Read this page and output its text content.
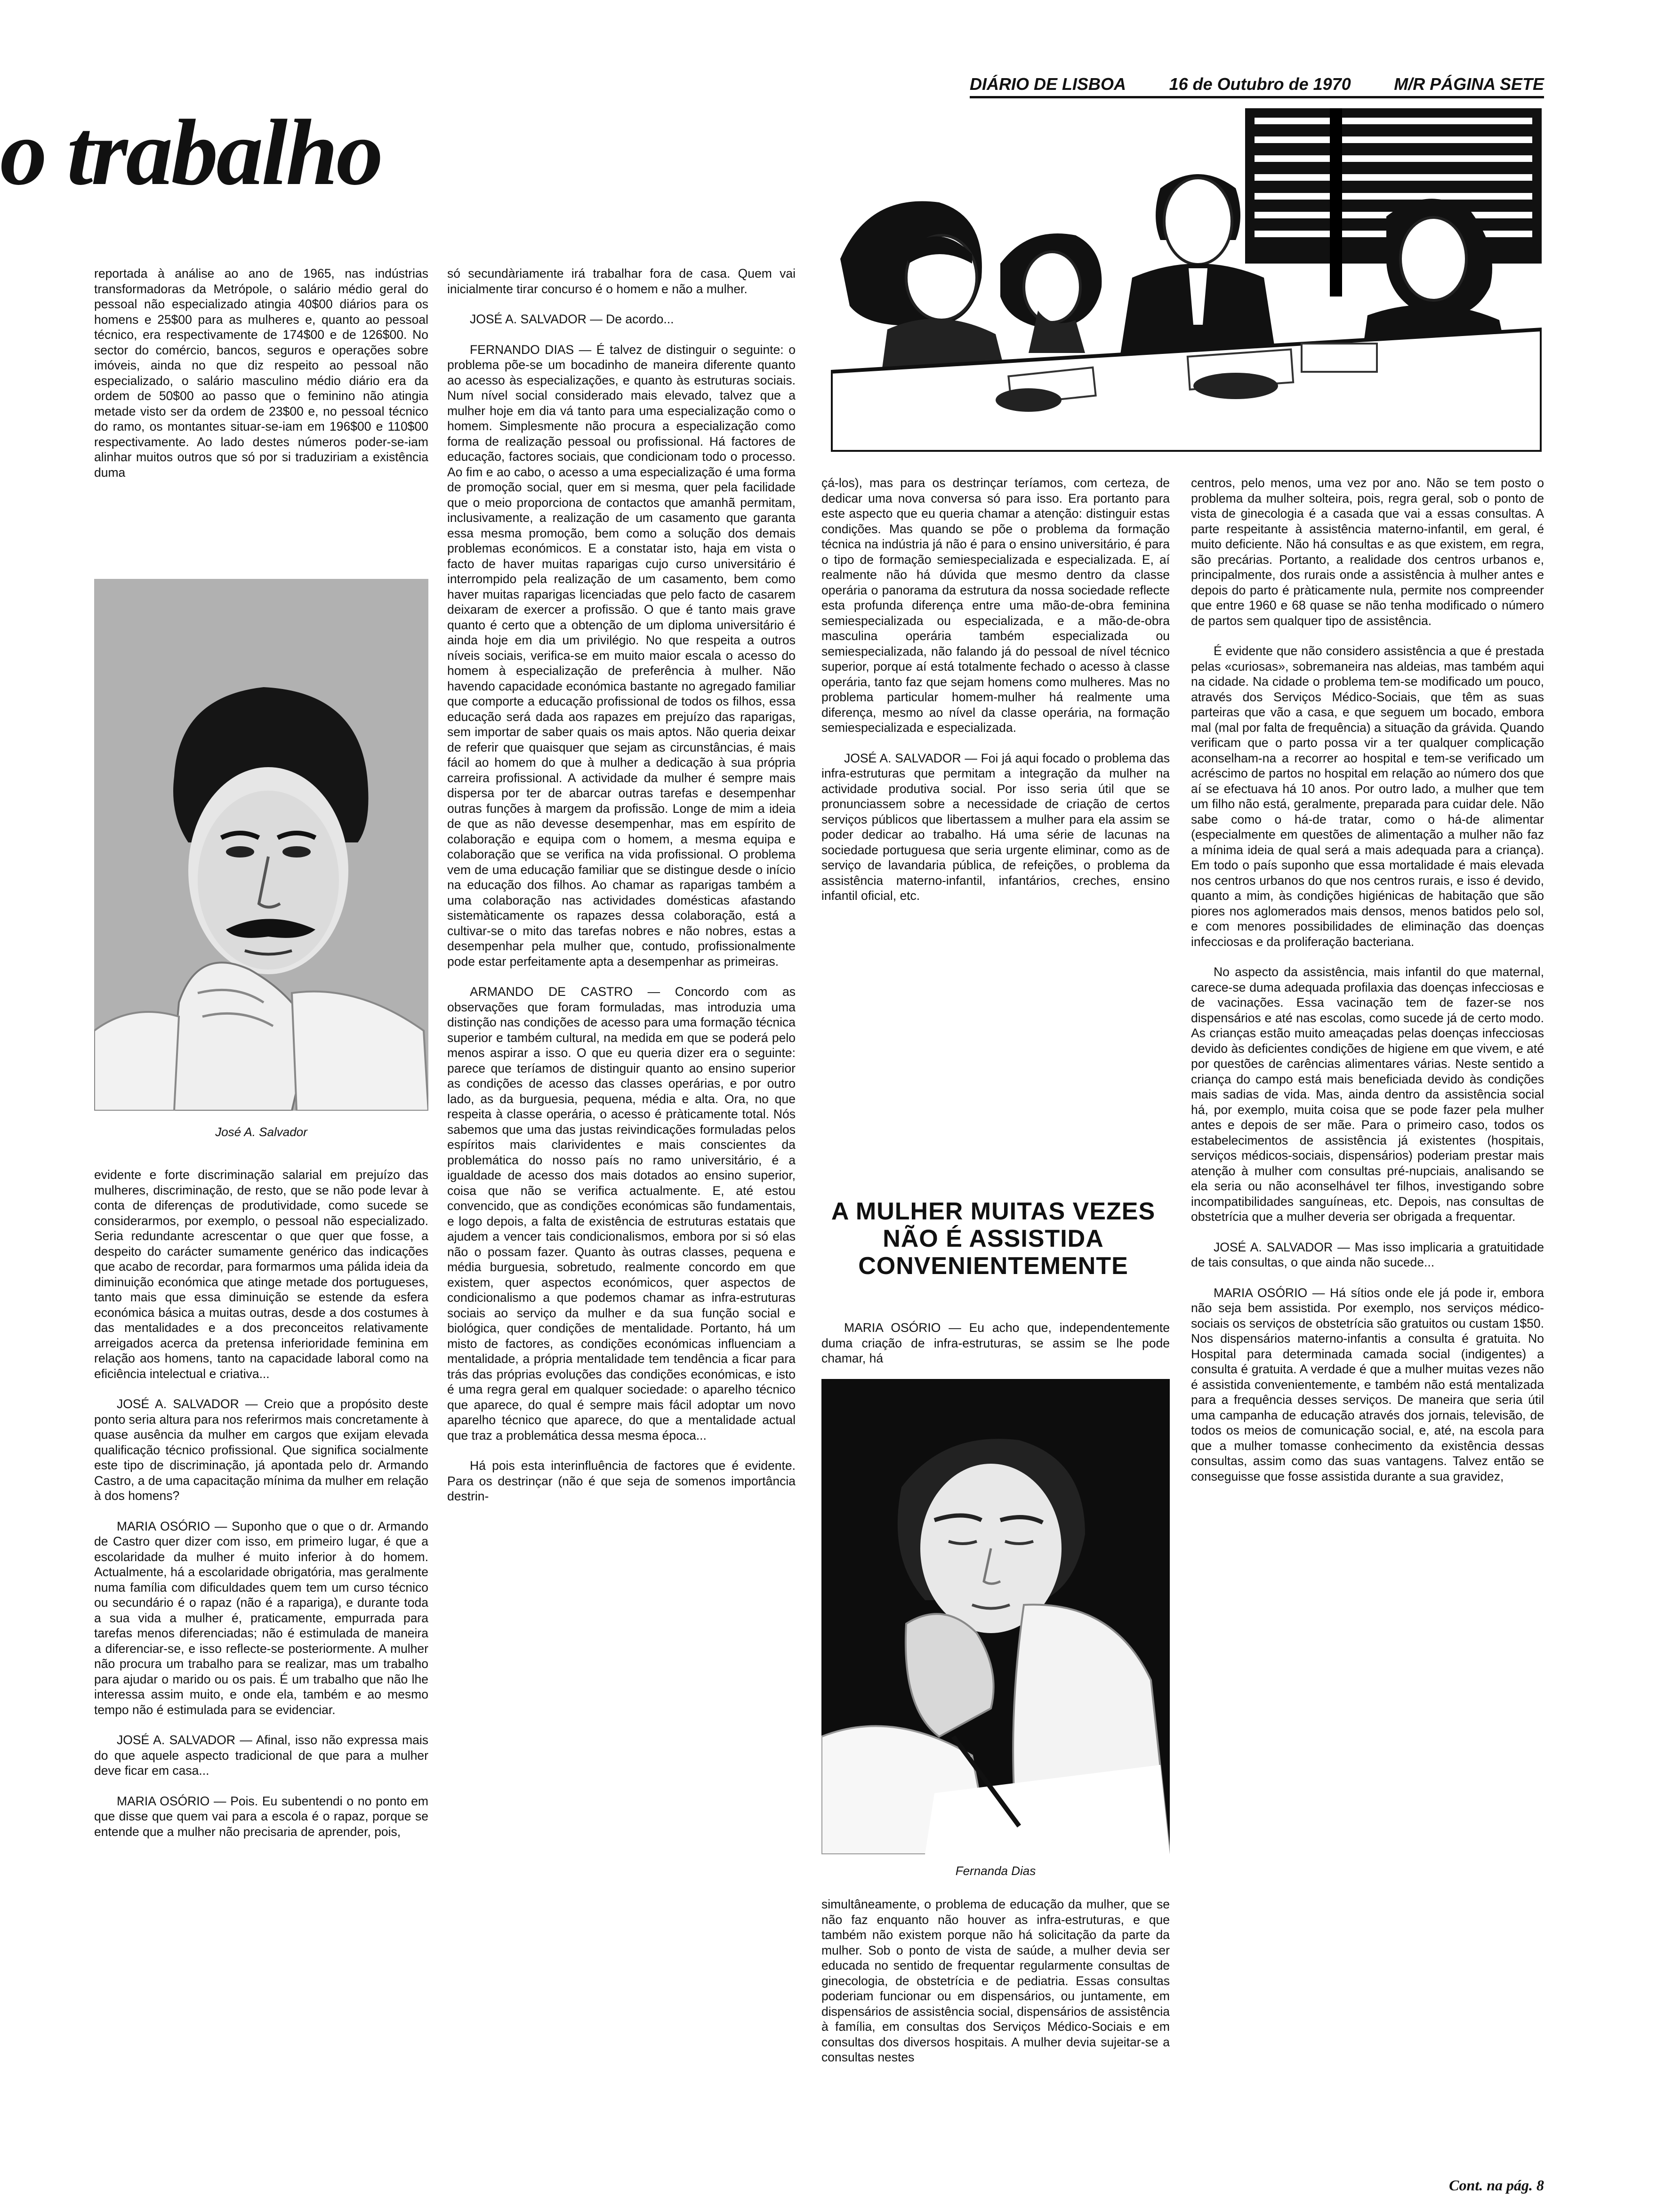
DIÁRIO DE LISBOA	16 de Outubro de 1970	M/R PÁGINA SETE
o trabalho

reportada à análise ao ano de 1965, nas indústrias transformadoras da Metrópole, o salário médio geral do pessoal não especializado atingia 40$00 diários para os homens e 25$00 para as mulheres e, quanto ao pessoal técnico, era respectivamente de 174$00 e de 126$00. No sector do comércio, bancos, seguros e operações sobre imóveis, ainda no que diz respeito ao pessoal não especializado, o salário masculino médio diário era da ordem de 50$00 ao passo que o feminino não atingia metade visto ser da ordem de 23$00 e, no pessoal técnico do ramo, os montantes situar-se-iam em 196$00 e 110$00 respectivamente. Ao lado destes números poder-se-iam alinhar muitos outros que só por si traduziriam a existência duma

José A. Salvador

evidente e forte discriminação salarial em prejuízo das mulheres, discriminação, de resto, que se não pode levar à conta de diferenças de produtividade, como sucede se considerarmos, por exemplo, o pessoal não especializado. Seria redundante acrescentar o que quer que fosse, a despeito do carácter sumamente genérico das indicações que acabo de recordar, para formarmos uma pálida ideia da diminuição económica que atinge metade dos portugueses, tanto mais que essa diminuição se estende da esfera económica básica a muitas outras, desde a dos costumes à das mentalidades e a dos preconceitos relativamente arreigados acerca da pretensa inferioridade feminina em relação aos homens, tanto na capacidade laboral como na eficiência intelectual e criativa...

JOSÉ A. SALVADOR — Creio que a propósito deste ponto seria altura para nos referirmos mais concretamente à quase ausência da mulher em cargos que exijam elevada qualificação técnico profissional. Que significa socialmente este tipo de discriminação, já apontada pelo dr. Armando Castro, a de uma capacitação mínima da mulher em relação à dos homens?

MARIA OSÓRIO — Suponho que o que o dr. Armando de Castro quer dizer com isso, em primeiro lugar, é que a escolaridade da mulher é muito inferior à do homem. Actualmente, há a escolaridade obrigatória, mas geralmente numa família com dificuldades quem tem um curso técnico ou secundário é o rapaz (não é a rapariga), e durante toda a sua vida a mulher é, praticamente, empurrada para tarefas menos diferenciadas; não é estimulada de maneira a diferenciar-se, e isso reflecte-se posteriormente. A mulher não procura um trabalho para se realizar, mas um trabalho para ajudar o marido ou os pais. É um trabalho que não lhe interessa assim muito, e onde ela, também e ao mesmo tempo não é estimulada para se evidenciar.

JOSÉ A. SALVADOR — Afinal, isso não expressa mais do que aquele aspecto tradicional de que para a mulher deve ficar em casa...

MARIA OSÓRIO — Pois. Eu subentendi o no ponto em que disse que quem vai para a escola é o rapaz, porque se entende que a mulher não precisaria de aprender, pois,

só secundàriamente irá trabalhar fora de casa. Quem vai inicialmente tirar concurso é o homem e não a mulher.

JOSÉ A. SALVADOR — De acordo...

FERNANDO DIAS — É talvez de distinguir o seguinte: o problema põe-se um bocadinho de maneira diferente quanto ao acesso às especializações, e quanto às estruturas sociais. Num nível social considerado mais elevado, talvez que a mulher hoje em dia vá tanto para uma especialização como o homem. Simplesmente não procura a especialização como forma de realização pessoal ou profissional. Há factores de educação, factores sociais, que condicionam todo o processo. Ao fim e ao cabo, o acesso a uma especialização é uma forma de promoção social, quer em si mesma, quer pela facilidade que o meio proporciona de contactos que amanhã permitam, inclusivamente, a realização de um casamento que garanta essa mesma promoção, bem como a solução dos demais problemas económicos. E a constatar isto, haja em vista o facto de haver muitas raparigas cujo curso universitário é interrompido pela realização de um casamento, bem como haver muitas raparigas licenciadas que pelo facto de casarem deixaram de exercer a profissão. O que é tanto mais grave quanto é certo que a obtenção de um diploma universitário é ainda hoje em dia um privilégio. No que respeita a outros níveis sociais, verifica-se em muito maior escala o acesso do homem à especialização de preferência à mulher. Não havendo capacidade económica bastante no agregado familiar que comporte a educação profissional de todos os filhos, essa educação será dada aos rapazes em prejuízo das raparigas, sem importar de saber quais os mais aptos. Não queria deixar de referir que quaisquer que sejam as circunstâncias, é mais fácil ao homem do que à mulher a dedicação à sua própria carreira profissional. A actividade da mulher é sempre mais dispersa por ter de abarcar outras tarefas e desempenhar outras funções à margem da profissão. Longe de mim a ideia de que as não devesse desempenhar, mas em espírito de colaboração e equipa com o homem, a mesma equipa e colaboração que se verifica na vida profissional. O problema vem de uma educação familiar que se distingue desde o início na educação dos filhos. Ao chamar as raparigas também a uma colaboração nas actividades domésticas afastando sistemàticamente os rapazes dessa colaboração, está a cultivar-se o mito das tarefas nobres e não nobres, estas a desempenhar pela mulher que, contudo, profissionalmente pode estar perfeitamente apta a desempenhar as primeiras.

ARMANDO DE CASTRO — Concordo com as observações que foram formuladas, mas introduzia uma distinção nas condições de acesso para uma formação técnica superior e também cultural, na medida em que se poderá pelo menos aspirar a isso. O que eu queria dizer era o seguinte: parece que teríamos de distinguir quanto ao ensino superior as condições de acesso das classes operárias, e por outro lado, as da burguesia, pequena, média e alta. Ora, no que respeita à classe operária, o acesso é pràticamente total. Nós sabemos que uma das justas reivindicações formuladas pelos espíritos mais clarividentes e mais conscientes da problemática do nosso país no ramo universitário, é a igualdade de acesso dos mais dotados ao ensino superior, coisa que não se verifica actualmente. E, até estou convencido, que as condições económicas são fundamentais, e logo depois, a falta de existência de estruturas estatais que ajudem a vencer tais condicionalismos, embora por si só elas não o possam fazer. Quanto às outras classes, pequena e média burguesia, sobretudo, realmente concordo em que existem, quer aspectos económicos, quer aspectos de condicionalismo a que podemos chamar as infra-estruturas sociais ao serviço da mulher e da sua função social e biológica, quer condições de mentalidade. Portanto, há um misto de factores, as condições económicas influenciam a mentalidade, a própria mentalidade tem tendência a ficar para trás das próprias evoluções das condições económicas, e isto é uma regra geral em qualquer sociedade: o aparelho técnico que aparece, do qual é sempre mais fácil adoptar um novo aparelho técnico que aparece, do que a mentalidade actual que traz a problemática dessa mesma época...

Há pois esta interinfluência de factores que é evidente. Para os destrinçar (não é que seja de somenos importância destrin-

çá-los), mas para os destrinçar teríamos, com certeza, de dedicar uma nova conversa só para isso. Era portanto para este aspecto que eu queria chamar a atenção: distinguir estas condições. Mas quando se põe o problema da formação técnica na indústria já não é para o ensino universitário, é para o tipo de formação semiespecializada e especializada. E, aí realmente não há dúvida que mesmo dentro da classe operária o panorama da estrutura da nossa sociedade reflecte esta profunda diferença entre uma mão-de-obra feminina semiespecializada ou especializada, e a mão-de-obra masculina operária também especializada ou semiespecializada, não falando já do pessoal de nível técnico superior, porque aí está totalmente fechado o acesso à classe operária, tanto faz que sejam homens como mulheres. Mas no problema particular homem-mulher há realmente uma diferença, mesmo ao nível da classe operária, na formação semiespecializada e especializada.

JOSÉ A. SALVADOR — Foi já aqui focado o problema das infra-estruturas que permitam a integração da mulher na actividade produtiva social. Por isso seria útil que se pronunciassem sobre a necessidade de criação de certos serviços públicos que libertassem a mulher para ela assim se poder dedicar ao trabalho. Há uma série de lacunas na sociedade portuguesa que seria urgente eliminar, como as de serviço de lavandaria pública, de refeições, o problema da assistência materno-infantil, infantários, creches, ensino infantil oficial, etc.

A MULHER MUITAS VEZES NÃO É ASSISTIDA CONVENIENTEMENTE

MARIA OSÓRIO — Eu acho que, independentemente duma criação de infra-estruturas, se assim se lhe pode chamar, há

Fernanda Dias

simultâneamente, o problema de educação da mulher, que se não faz enquanto não houver as infra-estruturas, e que também não existem porque não há solicitação da parte da mulher. Sob o ponto de vista de saúde, a mulher devia ser educada no sentido de frequentar regularmente consultas de ginecologia, de obstetrícia e de pediatria. Essas consultas poderiam funcionar ou em dispensários, ou juntamente, em dispensários de assistência social, dispensários de assistência à família, em consultas dos Serviços Médico-Sociais e em consultas dos diversos hospitais. A mulher devia sujeitar-se a consultas nestes

centros, pelo menos, uma vez por ano. Não se tem posto o problema da mulher solteira, pois, regra geral, sob o ponto de vista de ginecologia é a casada que vai a essas consultas. A parte respeitante à assistência materno-infantil, em geral, é muito deficiente. Não há consultas e as que existem, em regra, são precárias. Portanto, a realidade dos centros urbanos e, principalmente, dos rurais onde a assistência à mulher antes e depois do parto é pràticamente nula, permite nos compreender que entre 1960 e 68 quase se não tenha modificado o número de partos sem qualquer tipo de assistência.

É evidente que não considero assistência a que é prestada pelas «curiosas», sobremaneira nas aldeias, mas também aqui na cidade. Na cidade o problema tem-se modificado um pouco, através dos Serviços Médico-Sociais, que têm as suas parteiras que vão a casa, e que seguem um bocado, embora mal (mal por falta de frequência) a situação da grávida. Quando verificam que o parto possa vir a ter qualquer complicação aconselham-na a recorrer ao hospital e tem-se verificado um acréscimo de partos no hospital em relação ao número dos que aí se efectuava há 10 anos. Por outro lado, a mulher que tem um filho não está, geralmente, preparada para cuidar dele. Não sabe como o há-de tratar, como o há-de alimentar (especialmente em questões de alimentação a mulher não faz a mínima ideia de qual será a mais adequada para a criança). Em todo o país suponho que essa mortalidade é mais elevada nos centros urbanos do que nos centros rurais, e isso é devido, quanto a mim, às condições higiénicas de habitação que são piores nos aglomerados mais densos, menos batidos pelo sol, e com menores possibilidades de eliminação das doenças infecciosas e da proliferação bacteriana.

No aspecto da assistência, mais infantil do que maternal, carece-se duma adequada profilaxia das doenças infecciosas e de vacinações. Essa vacinação tem de fazer-se nos dispensários e até nas escolas, como sucede já de certo modo. As crianças estão muito ameaçadas pelas doenças infecciosas devido às deficientes condições de higiene em que vivem, e até por questões de carências alimentares várias. Neste sentido a criança do campo está mais beneficiada devido às condições mais sadias de vida. Mas, ainda dentro da assistência social há, por exemplo, muita coisa que se pode fazer pela mulher antes e depois de ser mãe. Para o primeiro caso, todos os estabelecimentos de assistência já existentes (hospitais, serviços médicos-sociais, dispensários) poderiam prestar mais atenção à mulher com consultas pré-nupciais, analisando se ela seria ou não aconselhável ter filhos, investigando sobre incompatibilidades sanguíneas, etc. Depois, nas consultas de obstetrícia que a mulher deveria ser obrigada a frequentar.

JOSÉ A. SALVADOR — Mas isso implicaria a gratuitidade de tais consultas, o que ainda não sucede...

MARIA OSÓRIO — Há sítios onde ele já pode ir, embora não seja bem assistida. Por exemplo, nos serviços médico-sociais os serviços de obstetrícia são gratuitos ou custam 1$50. Nos dispensários materno-infantis a consulta é gratuita. No Hospital para determinada camada social (indigentes) a consulta é gratuita. A verdade é que a mulher muitas vezes não é assistida convenientemente, e também não está mentalizada para a frequência desses serviços. De maneira que seria útil uma campanha de educação através dos jornais, televisão, de todos os meios de comunicação social, e, até, na escola para que a mulher tomasse conhecimento da existência dessas consultas, assim como das suas vantagens. Talvez então se conseguisse que fosse assistida durante a sua gravidez,

Cont. na pág. 8
